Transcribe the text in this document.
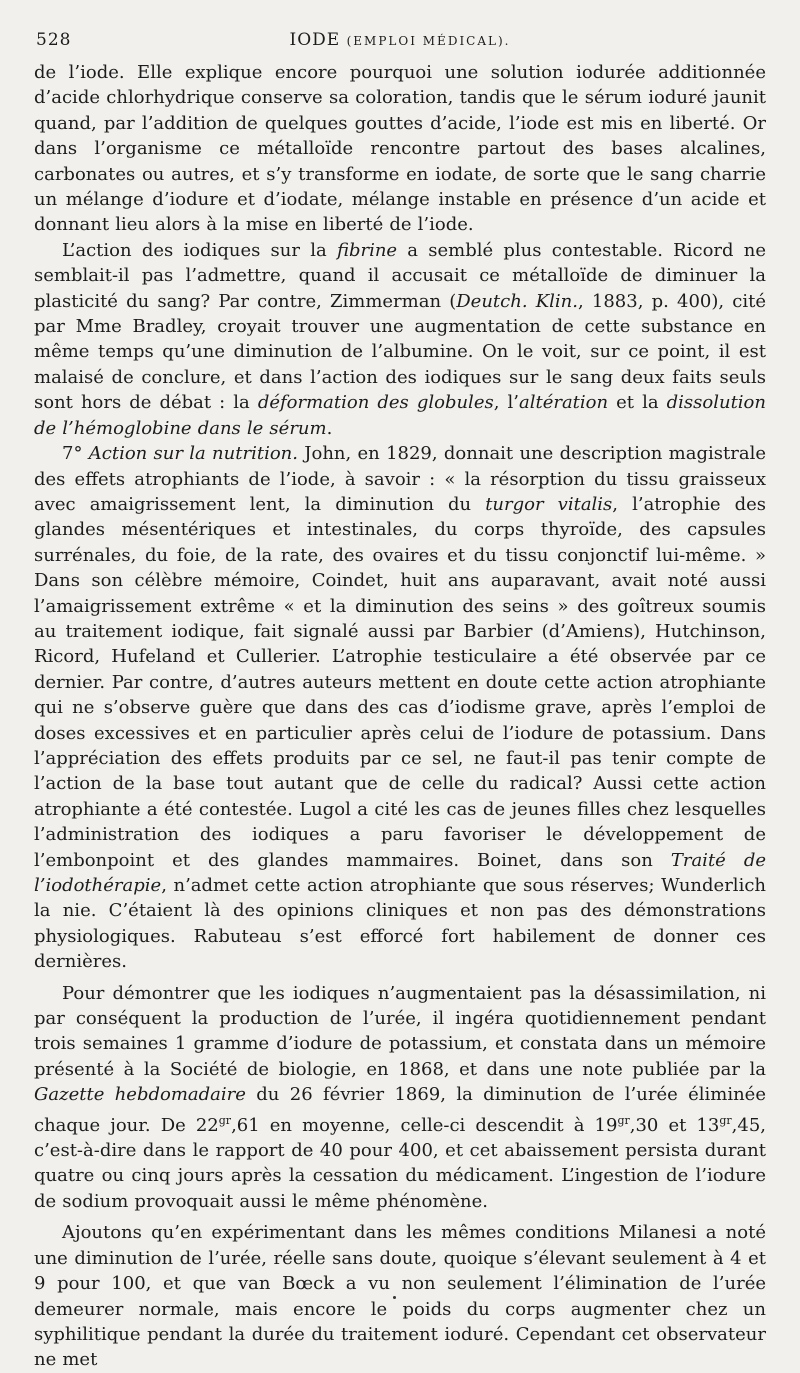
528	IODE (EMPLOI MÉDICAL).

de l’iode. Elle explique encore pourquoi une solution iodurée additionnée d’acide chlorhydrique conserve sa coloration, tandis que le sérum ioduré jaunit quand, par l’addition de quelques gouttes d’acide, l’iode est mis en liberté. Or dans l’organisme ce métalloïde rencontre partout des bases alcalines, carbonates ou autres, et s’y transforme en iodate, de sorte que le sang charrie un mélange d’iodure et d’iodate, mélange instable en présence d’un acide et donnant lieu alors à la mise en liberté de l’iode.

L’action des iodiques sur la fibrine a semblé plus contestable. Ricord ne semblait-il pas l’admettre, quand il accusait ce métalloïde de diminuer la plasticité du sang? Par contre, Zimmerman (Deutch. Klin., 1883, p. 400), cité par Mme Bradley, croyait trouver une augmentation de cette substance en même temps qu’une diminution de l’albumine. On le voit, sur ce point, il est malaisé de conclure, et dans l’action des iodiques sur le sang deux faits seuls sont hors de débat : la déformation des globules, l’altération et la dissolution de l’hémoglobine dans le sérum.

7° Action sur la nutrition. John, en 1829, donnait une description magistrale des effets atrophiants de l’iode, à savoir : « la résorption du tissu graisseux avec amaigrissement lent, la diminution du turgor vitalis, l’atrophie des glandes mésentériques et intestinales, du corps thyroïde, des capsules surrénales, du foie, de la rate, des ovaires et du tissu conjonctif lui-même. » Dans son célèbre mémoire, Coindet, huit ans auparavant, avait noté aussi l’amaigrissement extrême « et la diminution des seins » des goîtreux soumis au traitement iodique, fait signalé aussi par Barbier (d’Amiens), Hutchinson, Ricord, Hufeland et Cullerier. L’atrophie testiculaire a été observée par ce dernier. Par contre, d’autres auteurs mettent en doute cette action atrophiante qui ne s’observe guère que dans des cas d’iodisme grave, après l’emploi de doses excessives et en particulier après celui de l’iodure de potassium. Dans l’appréciation des effets produits par ce sel, ne faut-il pas tenir compte de l’action de la base tout autant que de celle du radical? Aussi cette action atrophiante a été contestée. Lugol a cité les cas de jeunes filles chez lesquelles l’administration des iodiques a paru favoriser le développement de l’embonpoint et des glandes mammaires. Boinet, dans son Traité de l’iodothérapie, n’admet cette action atrophiante que sous réserves; Wunderlich la nie. C’étaient là des opinions cliniques et non pas des démonstrations physiologiques. Rabuteau s’est efforcé fort habilement de donner ces dernières.

Pour démontrer que les iodiques n’augmentaient pas la désassimilation, ni par conséquent la production de l’urée, il ingéra quotidiennement pendant trois semaines 1 gramme d’iodure de potassium, et constata dans un mémoire présenté à la Société de biologie, en 1868, et dans une note publiée par la Gazette hebdomadaire du 26 février 1869, la diminution de l’urée éliminée chaque jour. De $22^{gr},61$ en moyenne, celle-ci descendit à $19^{gr},30$ et $13^{gr},45$, c’est-à-dire dans le rapport de 40 pour 400, et cet abaissement persista durant quatre ou cinq jours après la cessation du médicament. L’ingestion de l’iodure de sodium provoquait aussi le même phénomène.

Ajoutons qu’en expérimentant dans les mêmes conditions Milanesi a noté une diminution de l’urée, réelle sans doute, quoique s’élevant seulement à 4 et 9 pour 100, et que van Bœck a vu non seulement l’élimination de l’urée demeurer normale, mais encore le poids du corps augmenter chez un syphilitique pendant la durée du traitement ioduré. Cependant cet observateur ne met
